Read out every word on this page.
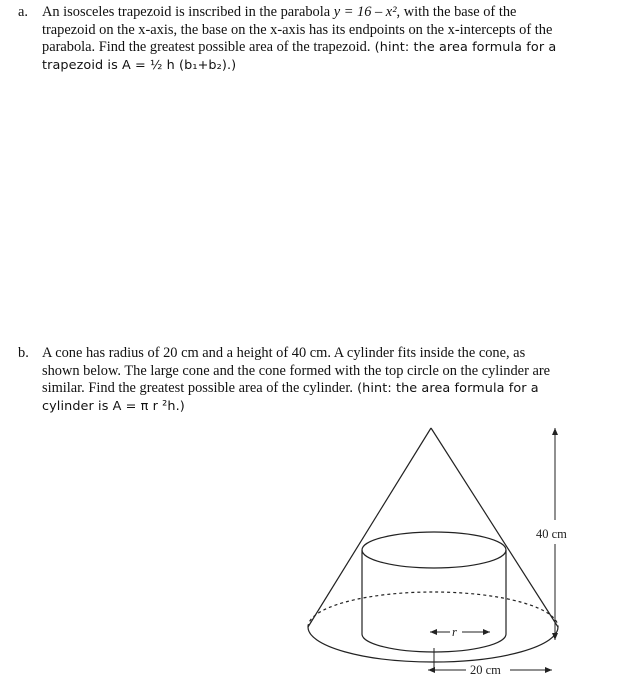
a. An isosceles trapezoid is inscribed in the parabola y = 16 – x², with the base of the
trapezoid on the x-axis, the base on the x-axis has its endpoints on the x-intercepts of the
parabola. Find the greatest possible area of the trapezoid. (hint: the area formula for a
trapezoid is A = ½ h (b₁+b₂).)
b. A cone has radius of 20 cm and a height of 40 cm. A cylinder fits inside the cone, as
shown below. The large cone and the cone formed with the top circle on the cylinder are
similar. Find the greatest possible area of the cylinder. (hint: the area formula for a
cylinder is A = π r ²h.)
r
20 cm
40 cm
